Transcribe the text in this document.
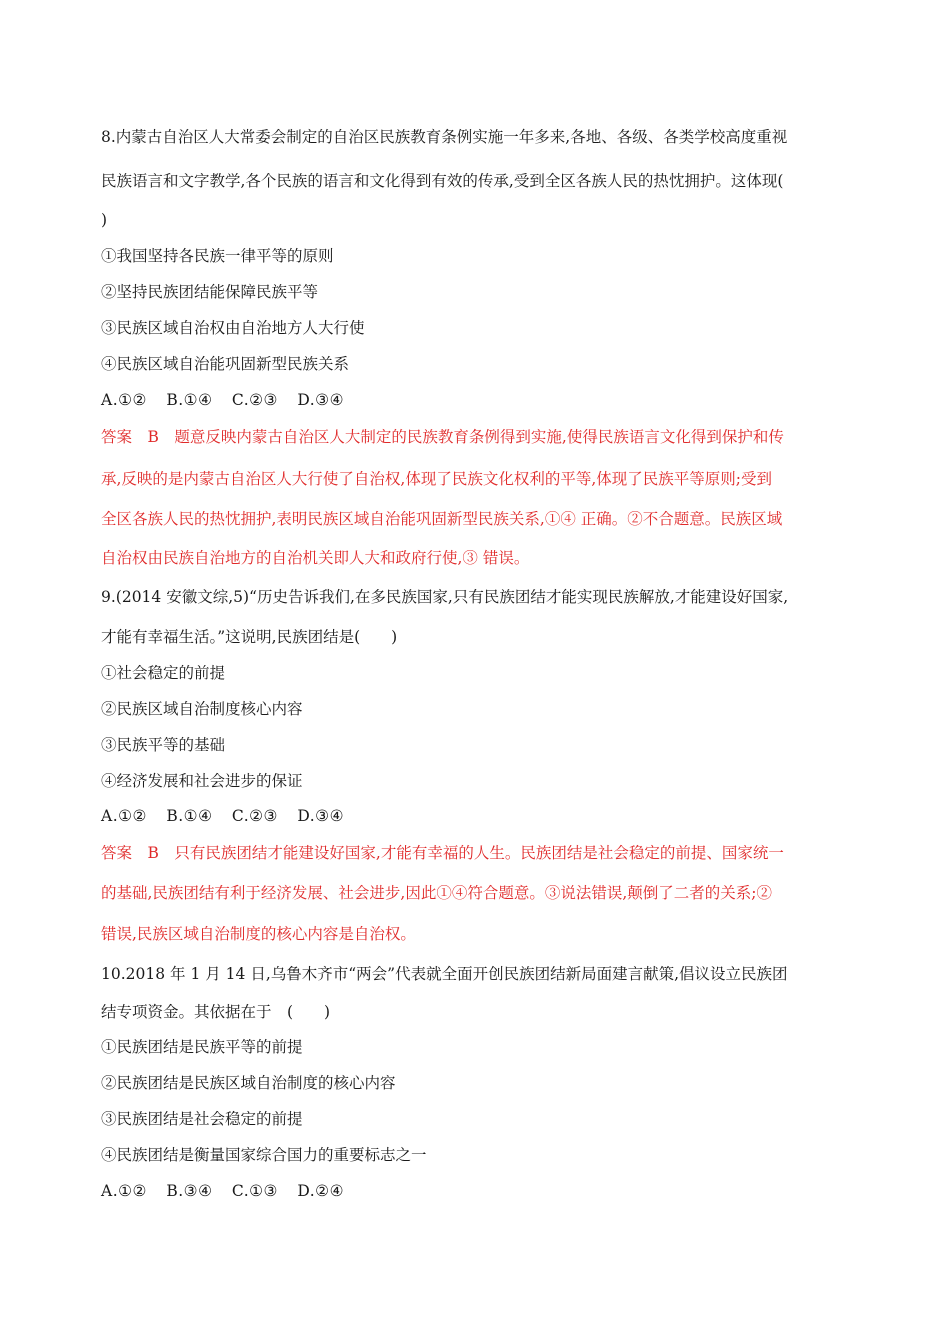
8.内蒙古自治区人大常委会制定的自治区民族教育条例实施一年多来,各地、各级、各类学校高度重视
民族语言和文字教学,各个民族的语言和文化得到有效的传承,受到全区各族人民的热忱拥护。这体现(
)
①我国坚持各民族一律平等的原则
②坚持民族团结能保障民族平等
③民族区域自治权由自治地方人大行使
④民族区域自治能巩固新型民族关系
A.①② B.①④ C.②③ D.③④
答案　B　题意反映内蒙古自治区人大制定的民族教育条例得到实施,使得民族语言文化得到保护和传
承,反映的是内蒙古自治区人大行使了自治权,体现了民族文化权利的平等,体现了民族平等原则;受到
全区各族人民的热忱拥护,表明民族区域自治能巩固新型民族关系,①④ 正确。②不合题意。民族区域
自治权由民族自治地方的自治机关即人大和政府行使,③ 错误。
9.(2014 安徽文综,5)“历史告诉我们,在多民族国家,只有民族团结才能实现民族解放,才能建设好国家,
才能有幸福生活。”这说明,民族团结是(　　)
①社会稳定的前提
②民族区域自治制度核心内容
③民族平等的基础
④经济发展和社会进步的保证
A.①② B.①④ C.②③ D.③④
答案　B　只有民族团结才能建设好国家,才能有幸福的人生。民族团结是社会稳定的前提、国家统一
的基础,民族团结有利于经济发展、社会进步,因此①④符合题意。③说法错误,颠倒了二者的关系;②
错误,民族区域自治制度的核心内容是自治权。
10.2018 年 1 月 14 日,乌鲁木齐市“两会”代表就全面开创民族团结新局面建言献策,倡议设立民族团
结专项资金。其依据在于　(　　)
①民族团结是民族平等的前提
②民族团结是民族区域自治制度的核心内容
③民族团结是社会稳定的前提
④民族团结是衡量国家综合国力的重要标志之一
A.①② B.③④ C.①③ D.②④
